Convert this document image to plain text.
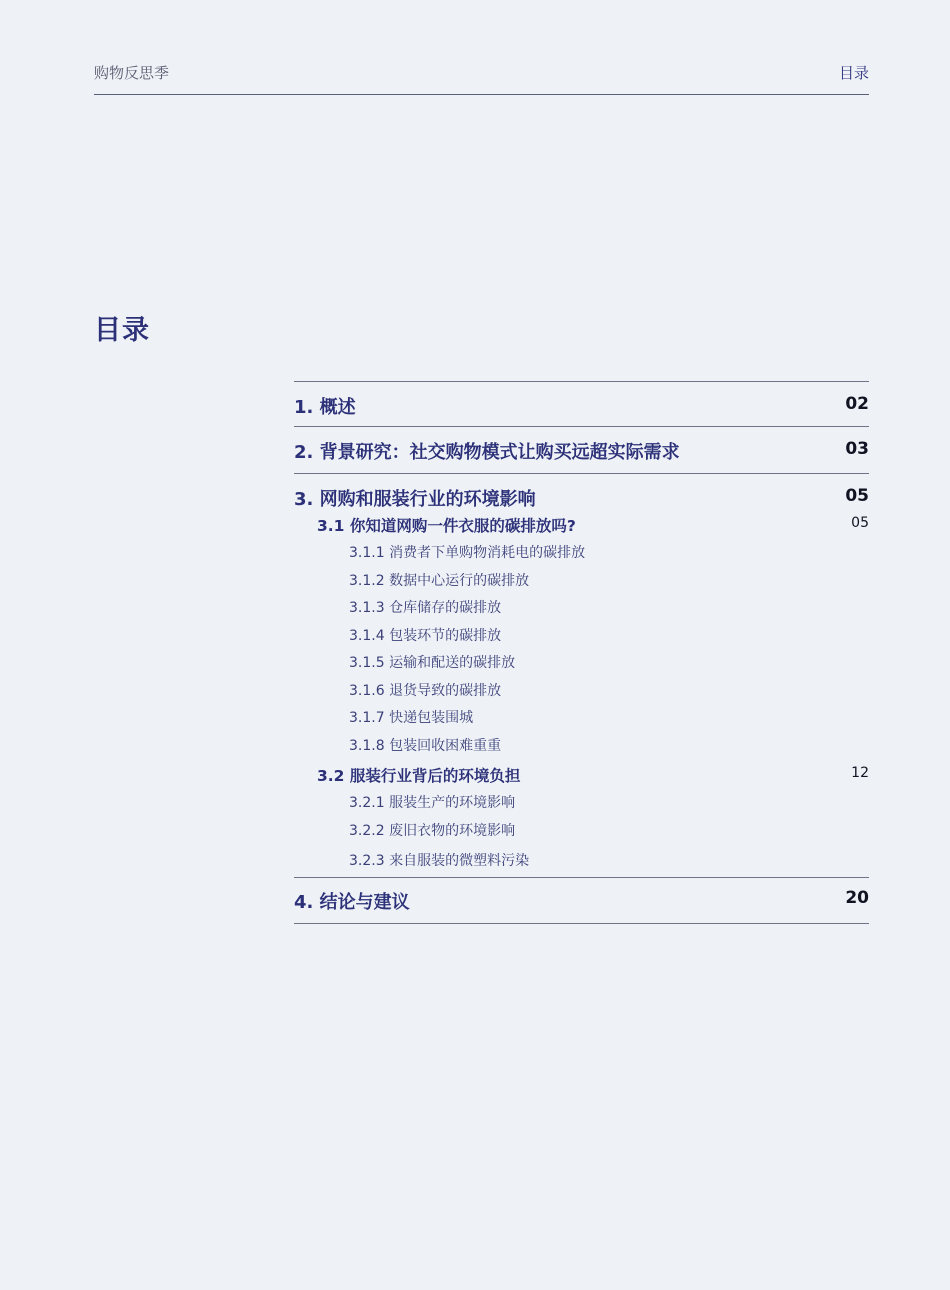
购物反思季	目录
目录
1. 概述	02
2. 背景研究：社交购物模式让购买远超实际需求	03
3. 网购和服装行业的环境影响	05
3.1 你知道网购一件衣服的碳排放吗?	05
3.1.1 消费者下单购物消耗电的碳排放
3.1.2 数据中心运行的碳排放
3.1.3 仓库储存的碳排放
3.1.4 包装环节的碳排放
3.1.5 运输和配送的碳排放
3.1.6 退货导致的碳排放
3.1.7 快递包装围城
3.1.8 包装回收困难重重
3.2 服装行业背后的环境负担	12
3.2.1 服装生产的环境影响
3.2.2 废旧衣物的环境影响
3.2.3 来自服装的微塑料污染
4. 结论与建议	20
